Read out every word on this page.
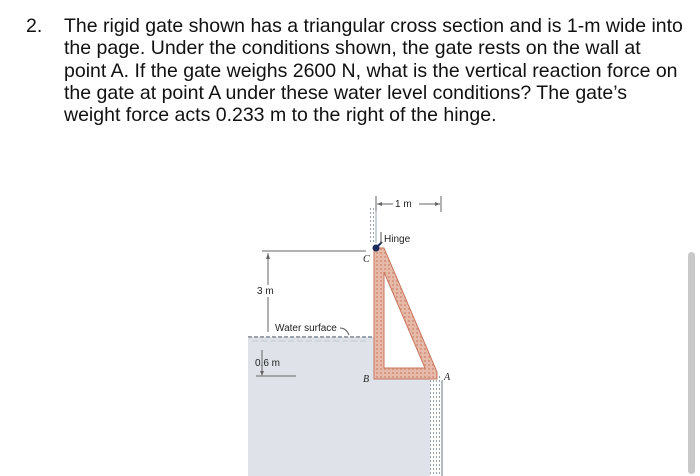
2. The rigid gate shown has a triangular cross section and is 1-m wide into the page. Under the conditions shown, the gate rests on the wall at point A. If the gate weighs 2600 N, what is the vertical reaction force on the gate at point A under these water level conditions? The gate’s weight force acts 0.233 m to the right of the hinge.
Hinge
1 m
3 m
Water surface
0.6 m
C
B	A
